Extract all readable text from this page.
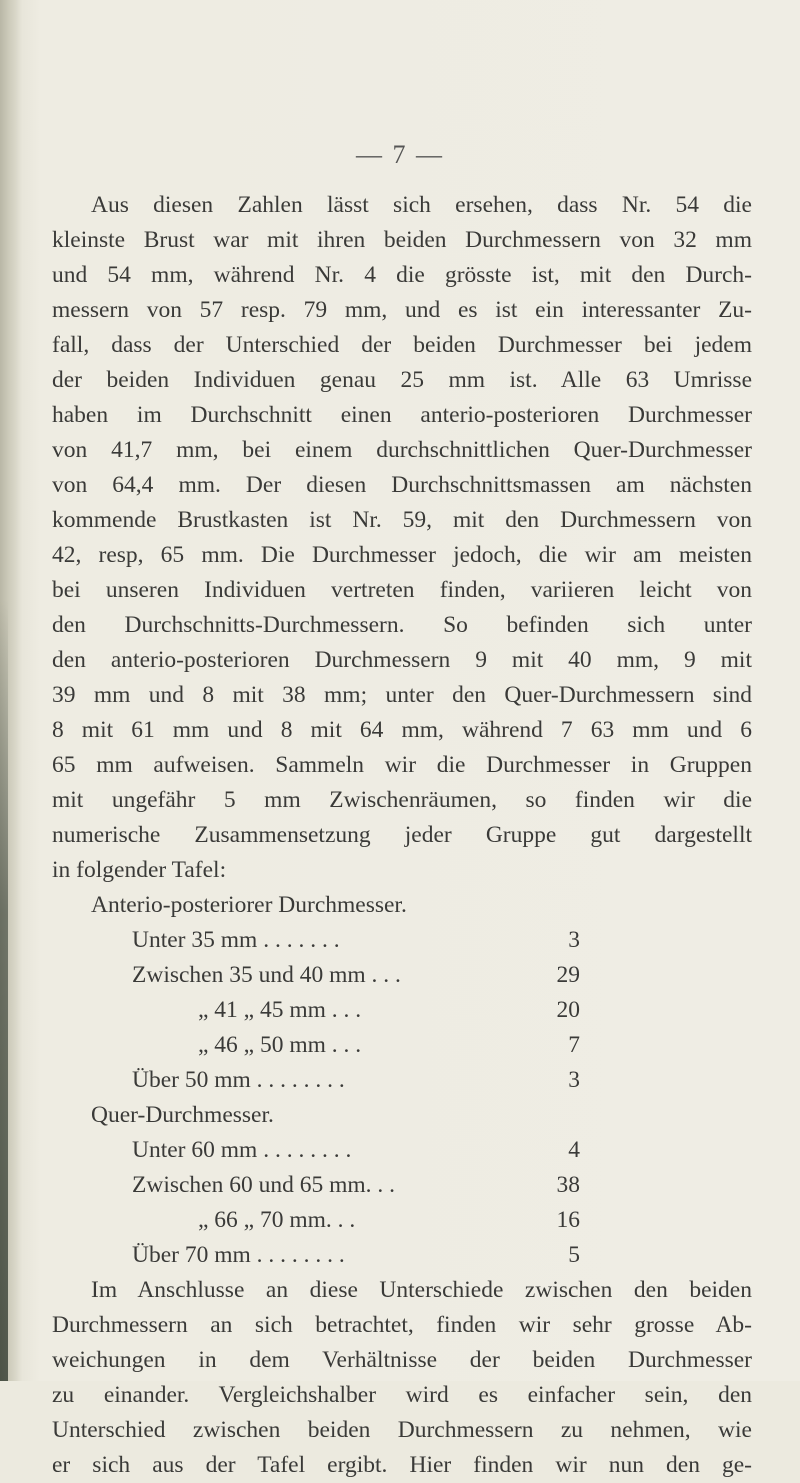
— 7 —
Aus diesen Zahlen lässt sich ersehen, dass Nr. 54 die
kleinste Brust war mit ihren beiden Durchmessern von 32 mm
und 54 mm, während Nr. 4 die grösste ist, mit den Durch-
messern von 57 resp. 79 mm, und es ist ein interessanter Zu-
fall, dass der Unterschied der beiden Durchmesser bei jedem
der beiden Individuen genau 25 mm ist. Alle 63 Umrisse
haben im Durchschnitt einen anterio-posterioren Durchmesser
von 41,7 mm, bei einem durchschnittlichen Quer-Durchmesser
von 64,4 mm. Der diesen Durchschnittsmassen am nächsten
kommende Brustkasten ist Nr. 59, mit den Durchmessern von
42, resp, 65 mm. Die Durchmesser jedoch, die wir am meisten
bei unseren Individuen vertreten finden, variieren leicht von
den Durchschnitts-Durchmessern. So befinden sich unter
den anterio-posterioren Durchmessern 9 mit 40 mm, 9 mit
39 mm und 8 mit 38 mm; unter den Quer-Durchmessern sind
8 mit 61 mm und 8 mit 64 mm, während 7 63 mm und 6
65 mm aufweisen. Sammeln wir die Durchmesser in Gruppen
mit ungefähr 5 mm Zwischenräumen, so finden wir die
numerische Zusammensetzung jeder Gruppe gut dargestellt
in folgender Tafel:
Anterio-posteriorer Durchmesser.
Unter 35 mm . . . . . . .	3
Zwischen 35 und 40 mm . . .	29
„ 41 „ 45 mm . . .	20
„ 46 „ 50 mm . . .	7
Über 50 mm . . . . . . . .	3
Quer-Durchmesser.
Unter 60 mm . . . . . . . .	4
Zwischen 60 und 65 mm. . .	38
„ 66 „ 70 mm. . .	16
Über 70 mm . . . . . . . .	5
Im Anschlusse an diese Unterschiede zwischen den beiden
Durchmessern an sich betrachtet, finden wir sehr grosse Ab-
weichungen in dem Verhältnisse der beiden Durchmesser
zu einander. Vergleichshalber wird es einfacher sein, den
Unterschied zwischen beiden Durchmessern zu nehmen, wie
er sich aus der Tafel ergibt. Hier finden wir nun den ge-
